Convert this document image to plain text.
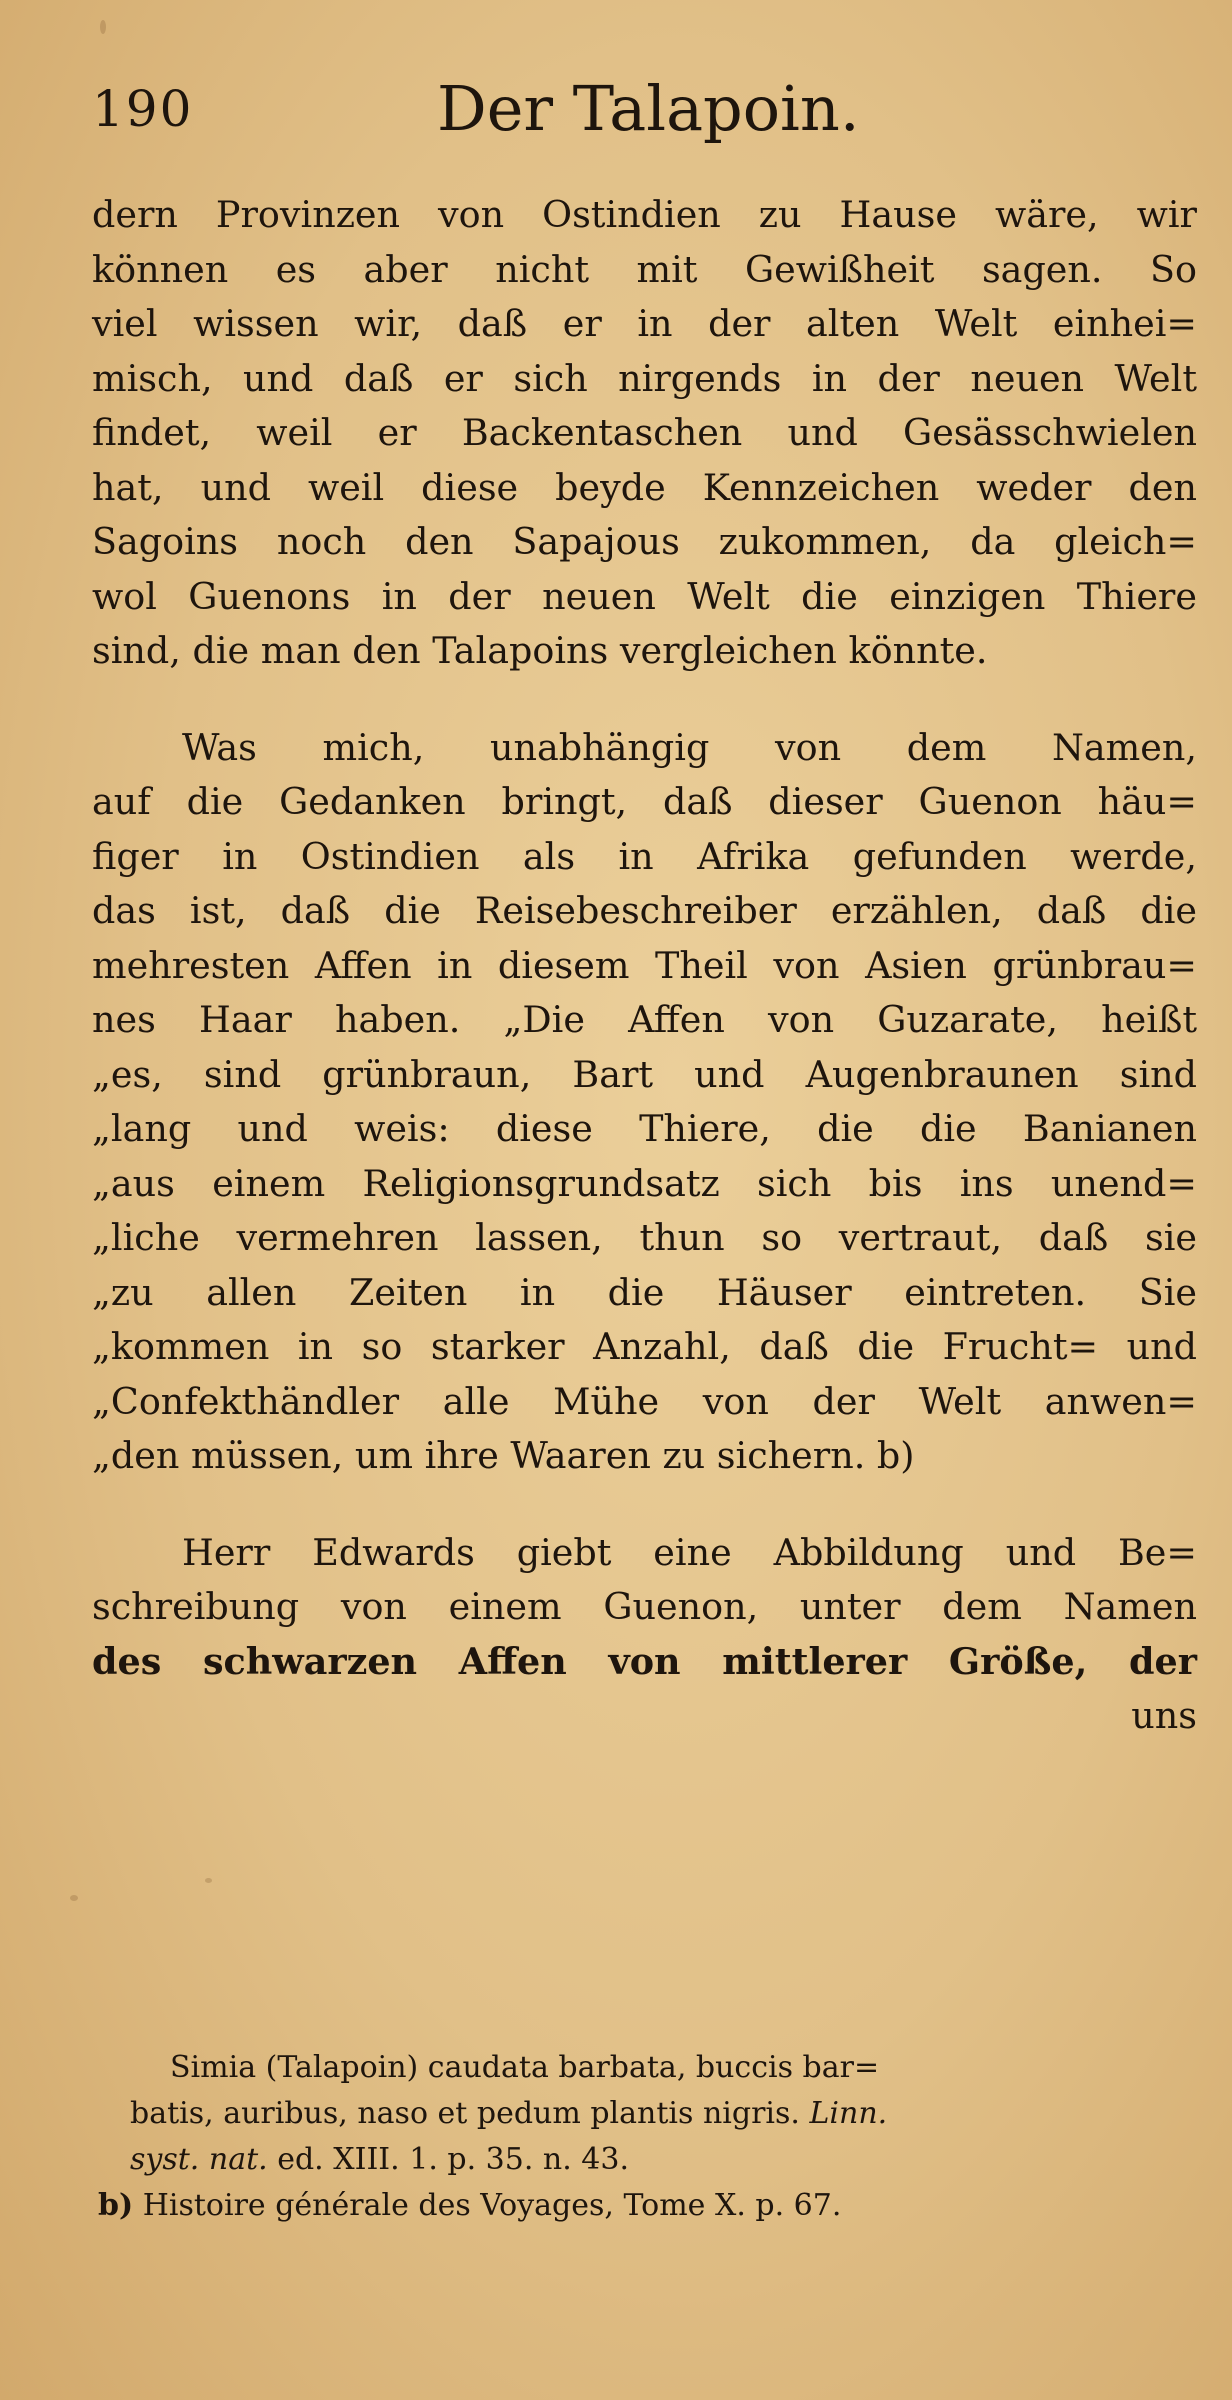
190	Der Talapoin.
dern Provinzen von Ostindien zu Hause wäre, wir
können es aber nicht mit Gewißheit sagen. So
viel wissen wir, daß er in der alten Welt einhei=
misch, und daß er sich nirgends in der neuen Welt
findet, weil er Backentaschen und Gesässchwielen
hat, und weil diese beyde Kennzeichen weder den
Sagoins noch den Sapajous zukommen, da gleich=
wol Guenons in der neuen Welt die einzigen Thiere
sind, die man den Talapoins vergleichen könnte.
Was mich, unabhängig von dem Namen,
auf die Gedanken bringt, daß dieser Guenon häu=
figer in Ostindien als in Afrika gefunden werde,
das ist, daß die Reisebeschreiber erzählen, daß die
mehresten Affen in diesem Theil von Asien grünbrau=
nes Haar haben. „Die Affen von Guzarate, heißt
„es, sind grünbraun, Bart und Augenbraunen sind
„lang und weis: diese Thiere, die die Banianen
„aus einem Religionsgrundsatz sich bis ins unend=
„liche vermehren lassen, thun so vertraut, daß sie
„zu allen Zeiten in die Häuser eintreten. Sie
„kommen in so starker Anzahl, daß die Frucht= und
„Confekthändler alle Mühe von der Welt anwen=
„den müssen, um ihre Waaren zu sichern. b)
Herr Edwards giebt eine Abbildung und Be=
schreibung von einem Guenon, unter dem Namen
des schwarzen Affen von mittlerer Größe, der
uns
Simia (Talapoin) caudata barbata, buccis bar=
batis, auribus, naso et pedum plantis nigris. Linn.
syst. nat. ed. XIII. 1. p. 35. n. 43.
b) Histoire générale des Voyages, Tome X. p. 67.
